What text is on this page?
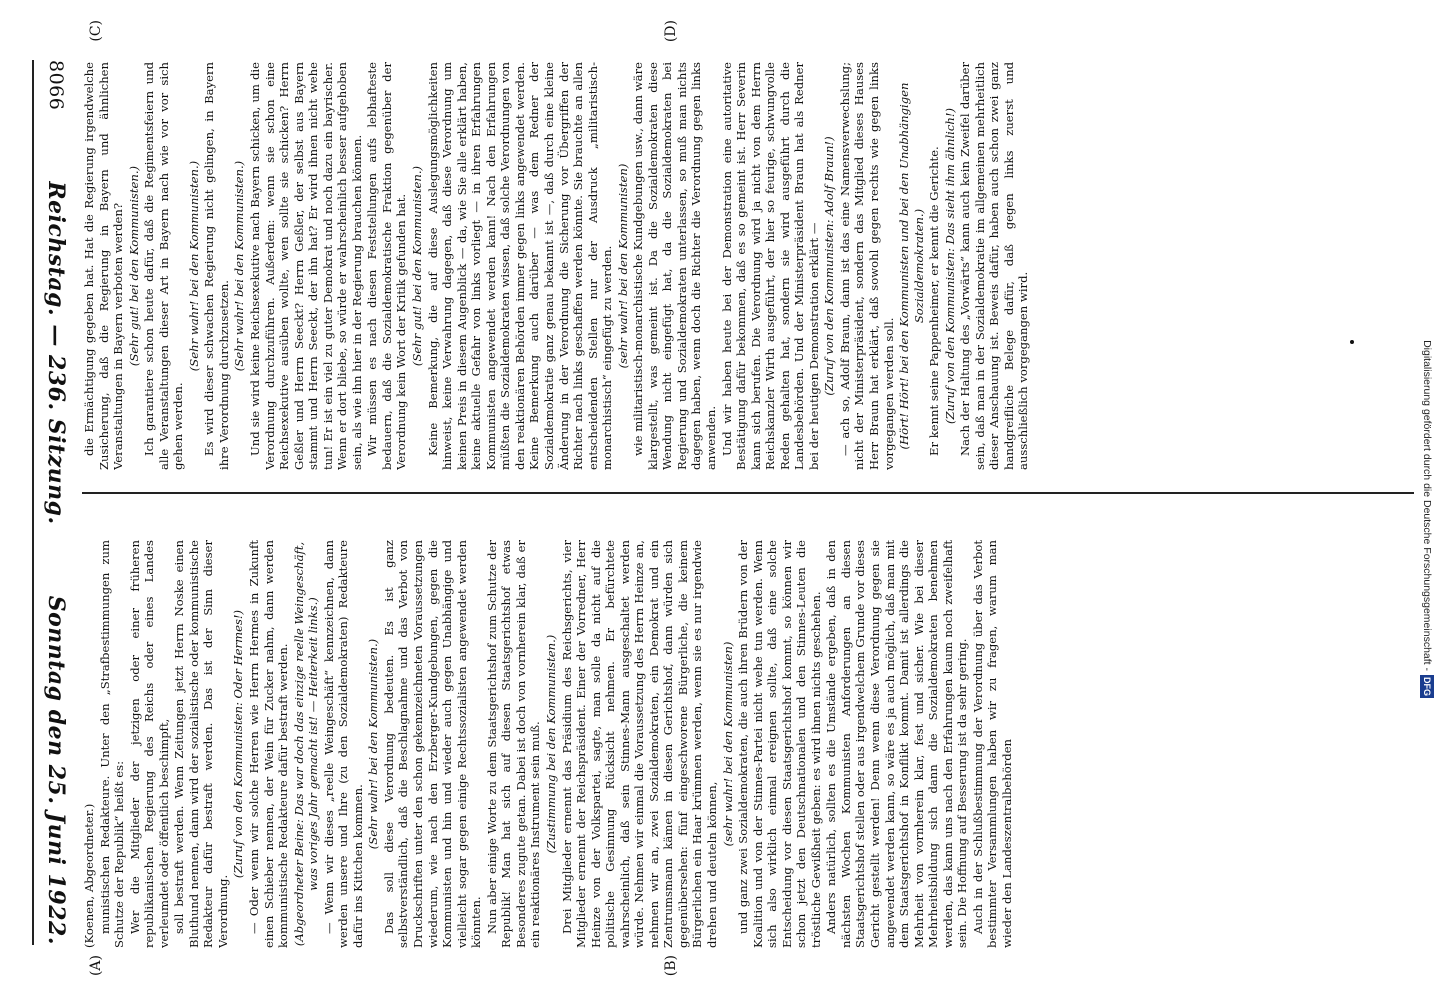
8066
Reichstag. — 236. Sitzung.
Sonntag den 25. Juni 1922.
(A)	(B)
(C)	(D)

(Koenen, Abgeordneter.) munistischen Redakteure. Unter den „Strafbestimmungen zum Schutze der Republik“ heißt es: Wer die Mitglieder der jetzigen oder einer früheren republikanischen Regierung des Reichs oder eines Landes verleumdet oder öffentlich beschimpft, soll bestraft werden. Wenn Zeitungen jetzt Herrn Noske einen Bluthund nennen, dann wird der sozialistische oder kommunistische Redakteur dafür bestraft werden. Das ist der Sinn dieser Verordnung.

(Zuruf von den Kommunisten: Oder Hermes!) — Oder wenn wir solche Herren wie Herrn Hermes in Zukunft einen Schieber nennen, der Wein für Zucker nahm, dann werden kommunistische Redakteure dafür bestraft werden. (Abgeordneter Beine: Das war doch das einzige reelle Weingeschäft, was voriges Jahr gemacht ist! — Heiterkeit links.) — Wenn wir dieses „reelle Weingeschäft“ kennzeichnen, dann werden unsere und Ihre (zu den Sozialdemokraten) Redakteure dafür ins Kittchen kommen.

(Sehr wahr! bei den Kommunisten.) Das soll diese Verordnung bedeuten. Es ist ganz selbstverständlich, daß die Beschlagnahme und das Verbot von Druckschriften unter den schon gekennzeichneten Voraussetzungen wiederum, wie nach den Erzberger-Kundgebungen, gegen die Kommunisten und hin und wieder auch gegen Unabhängige und vielleicht sogar gegen einige Rechtssozialisten angewendet werden könnten. Nun aber einige Worte zu dem Staatsgerichtshof zum Schutze der Republik! Man hat sich auf diesen Staatsgerichtshof etwas Besonderes zugute getan. Dabei ist doch von vornherein klar, daß er ein reaktionäres Instrument sein muß. (Zustimmung bei den Kommunisten.) Drei Mitglieder ernennt das Präsidium des Reichsgerichts, vier Mitglieder ernennt der Reichspräsident. Einer der Vorredner, Herr Heinze von der Volkspartei, sagte, man solle da nicht auf die politische Gesinnung Rücksicht nehmen. Er befürchtete wahrscheinlich, daß sein Stinnes-Mann ausgeschaltet werden würde. Nehmen wir einmal die Voraussetzung des Herrn Heinze an, nehmen wir an, zwei Sozialdemokraten, ein Demokrat und ein Zentrumsmann kämen in diesen Gerichtshof, dann würden sich gegenübersehen: fünf eingeschworene Bürgerliche, die keinem Bürgerlichen ein Haar krümmen werden, wenn sie es nur irgendwie drehen und deuteln können,

(sehr wahr! bei den Kommunisten) und ganz zwei Sozialdemokraten, die auch ihren Brüdern von der Koalition und von der Stinnes-Partei nicht wehe tun werden. Wenn sich also wirklich einmal ereignen sollte, daß eine solche Entscheidung vor diesen Staatsgerichtshof kommt, so können wir schon jetzt den Deutschnationalen und den Stinnes-Leuten die tröstliche Gewißheit geben: es wird ihnen nichts geschehen. Anders natürlich, sollten es die Umstände ergeben, daß in den nächsten Wochen Kommunisten Anforderungen an diesen Staatsgerichtshof stellen oder aus irgendwelchem Grunde vor dieses Gericht gestellt werden! Denn wenn diese Verordnung gegen sie angewendet werden kann, so wäre es ja auch möglich, daß man mit dem Staatsgerichtshof in Konflikt kommt. Damit ist allerdings die Mehrheit von vornherein klar, fest und sicher. Wie bei dieser Mehrheitsbildung sich dann die Sozialdemokraten benehmen werden, das kann uns nach den Erfahrungen kaum noch zweifelhaft sein. Die Hoffnung auf Besserung ist da sehr gering. Auch in der Schlußbestimmung der Verordnung über das Verbot bestimmter Versammlungen haben wir zu fragen, warum man wieder den Landeszentralbehörden

die Ermächtigung gegeben hat. Hat die Regierung irgendwelche Zusicherung, daß die Regierung in Bayern und ähnlichen Veranstaltungen in Bayern verboten werden? (Sehr gut! bei den Kommunisten.) Ich garantiere schon heute dafür, daß die Regimentsfeiern und alle Veranstaltungen dieser Art in Bayern nach wie vor vor sich gehen werden.

(Sehr wahr! bei den Kommunisten.) Es wird dieser schwachen Regierung nicht gelingen, in Bayern ihre Verordnung durchzusetzen.

(Sehr wahr! bei den Kommunisten.) Und sie wird keine Reichsexekutive nach Bayern schicken, um die Verordnung durchzuführen. Außerdem: wenn sie schon eine Reichsexekutive ausüben wollte, wen sollte sie schicken? Herrn Geßler und Herrn Seeckt? Herrn Geßler, der selbst aus Bayern stammt und Herrn Seeckt, der ihn hat? Er wird ihnen nicht wehe tun! Er ist ein viel zu guter Demokrat und noch dazu ein bayrischer. Wenn er dort bliebe, so würde er wahrscheinlich besser aufgehoben sein, als wie ihn hier in der Regierung brauchen können. Wir müssen es nach diesen Feststellungen aufs lebhafteste bedauern, daß die Sozialdemokratische Fraktion gegenüber der Verordnung kein Wort der Kritik gefunden hat. (Sehr gut! bei den Kommunisten.) Keine Bemerkung, die auf diese Auslegungsmöglichkeiten hinweist, keine Verwahrung dagegen, daß diese Verordnung um keinen Preis in diesem Augenblick — da, wie Sie alle erklärt haben, keine aktuelle Gefahr von links vorliegt — in ihren Erfahrungen Kommunisten angewendet werden kann! Nach den Erfahrungen müßten die Sozialdemokraten wissen, daß solche Verordnungen von den reaktionären Behörden immer gegen links angewendet werden. Keine Bemerkung auch darüber — was dem Redner der Sozialdemokratie ganz genau bekannt ist —, daß durch eine kleine Änderung in der Verordnung die Sicherung vor Übergriffen der Richter nach links geschaffen werden könnte. Sie brauchte an allen entscheidenden Stellen nur der Ausdruck „militaristisch-monarchistisch“ eingefügt zu werden. (sehr wahr! bei den Kommunisten) wie militaristisch-monarchistische Kundgebungen usw., dann wäre klargestellt, was gemeint ist. Da die Sozialdemokraten diese Wendung nicht eingefügt hat, da die Sozialdemokraten bei Regierung und Sozialdemokraten unterlassen, so muß man nichts dagegen haben, wenn doch die Richter die Verordnung gegen links anwenden. Und wir haben heute bei der Demonstration eine autoritative Bestätigung dafür bekommen, daß es so gemeint ist. Herr Severin kann sich berufen. Die Verordnung wird ja nicht von dem Herrn Reichskanzler Wirth ausgeführt, der hier so feurige, schwungvolle Reden gehalten hat, sondern sie wird ausgeführt durch die Landesbehörden. Und der Ministerpräsident Braun hat als Redner bei der heutigen Demonstration erklärt — (Zuruf von den Kommunisten: Adolf Braun!) — ach so, Adolf Braun, dann ist das eine Namensverwechslung; nicht der Ministerpräsident, sondern das Mitglied dieses Hauses Herr Braun hat erklärt, daß sowohl gegen rechts wie gegen links vorgegangen werden soll. (Hört! Hört! bei den Kommunisten und bei den Unabhängigen Sozialdemokraten.) Er kennt seine Pappenheimer, er kennt die Gerichte. (Zuruf von den Kommunisten: Das sieht ihm ähnlich!) Nach der Haltung des „Vorwärts“ kann auch kein Zweifel darüber sein, daß man in der Sozialdemokratie im allgemeinen mehrheitlich dieser Anschauung ist. Beweis dafür, haben auch schon zwei ganz handgreifliche Belege dafür, daß gegen links zuerst und ausschließlich vorgegangen wird.	Digitalisierung gefördert durch die Deutsche Forschungsgemeinschaft -DFG
